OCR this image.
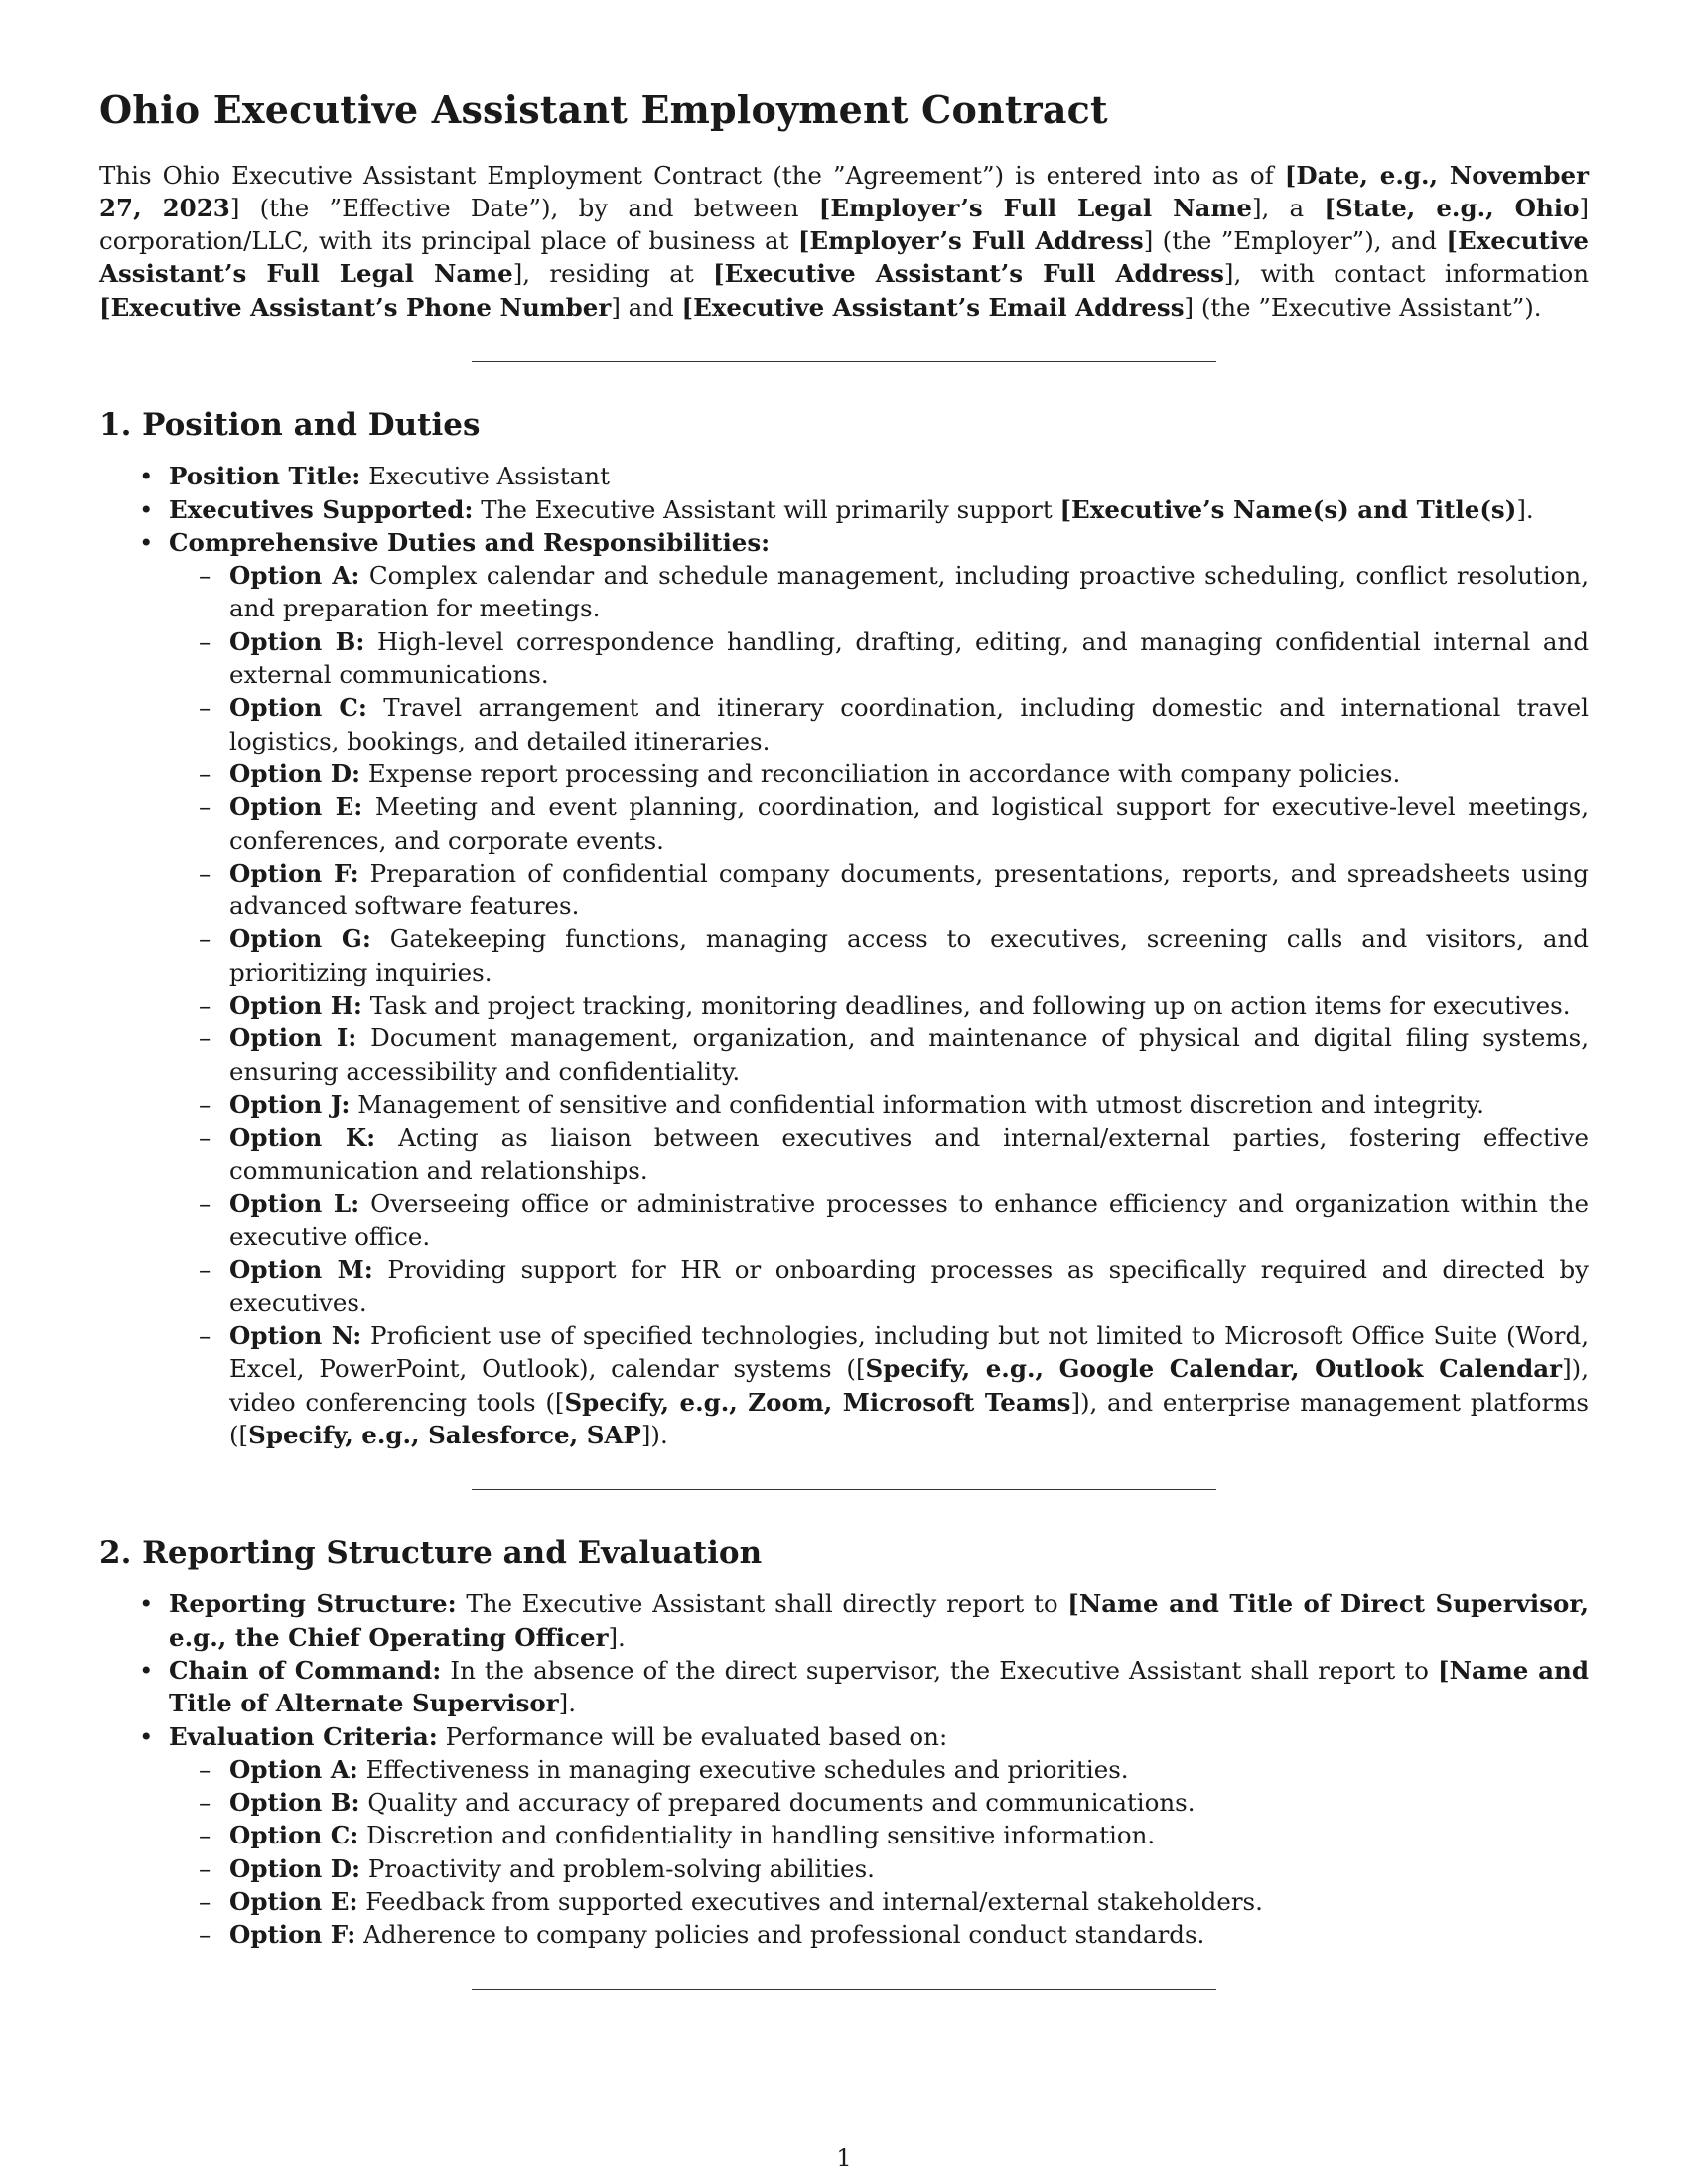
Ohio Executive Assistant Employment Contract

This Ohio Executive Assistant Employment Contract (the ”Agreement”) is entered into as of [Date, e.g., November 27, 2023] (the ”Effective Date”), by and between [Employer’s Full Legal Name], a [State, e.g., Ohio] corporation/LLC, with its principal place of business at [Employer’s Full Address] (the ”Employer”), and [Executive Assistant’s Full Legal Name], residing at [Executive Assistant’s Full Address], with contact information [Executive Assistant’s Phone Number] and [Executive Assistant’s Email Address] (the ”Executive Assistant”).

1. Position and Duties
• Position Title: Executive Assistant
• Executives Supported: The Executive Assistant will primarily support [Executive’s Name(s) and Title(s)].
• Comprehensive Duties and Responsibilities:
– Option A: Complex calendar and schedule management, including proactive scheduling, conflict resolution, and preparation for meetings.
– Option B: High-level correspondence handling, drafting, editing, and managing confidential internal and external communications.
– Option C: Travel arrangement and itinerary coordination, including domestic and international travel logistics, bookings, and detailed itineraries.
– Option D: Expense report processing and reconciliation in accordance with company policies.
– Option E: Meeting and event planning, coordination, and logistical support for executive-level meetings, conferences, and corporate events.
– Option F: Preparation of confidential company documents, presentations, reports, and spreadsheets using advanced software features.
– Option G: Gatekeeping functions, managing access to executives, screening calls and visitors, and prioritizing inquiries.
– Option H: Task and project tracking, monitoring deadlines, and following up on action items for executives.
– Option I: Document management, organization, and maintenance of physical and digital filing systems, ensuring accessibility and confidentiality.
– Option J: Management of sensitive and confidential information with utmost discretion and integrity.
– Option K: Acting as liaison between executives and internal/external parties, fostering effective communication and relationships.
– Option L: Overseeing office or administrative processes to enhance efficiency and organization within the executive office.
– Option M: Providing support for HR or onboarding processes as specifically required and directed by executives.
– Option N: Proficient use of specified technologies, including but not limited to Microsoft Office Suite (Word, Excel, PowerPoint, Outlook), calendar systems ([Specify, e.g., Google Calendar, Outlook Calendar]), video conferencing tools ([Specify, e.g., Zoom, Microsoft Teams]), and enterprise management platforms ([Specify, e.g., Salesforce, SAP]).
2. Reporting Structure and Evaluation
• Reporting Structure: The Executive Assistant shall directly report to [Name and Title of Direct Supervisor, e.g., the Chief Operating Officer].
• Chain of Command: In the absence of the direct supervisor, the Executive Assistant shall report to [Name and Title of Alternate Supervisor].
• Evaluation Criteria: Performance will be evaluated based on:
– Option A: Effectiveness in managing executive schedules and priorities.
– Option B: Quality and accuracy of prepared documents and communications.
– Option C: Discretion and confidentiality in handling sensitive information.
– Option D: Proactivity and problem-solving abilities.
– Option E: Feedback from supported executives and internal/external stakeholders.
– Option F: Adherence to company policies and professional conduct standards.
1
